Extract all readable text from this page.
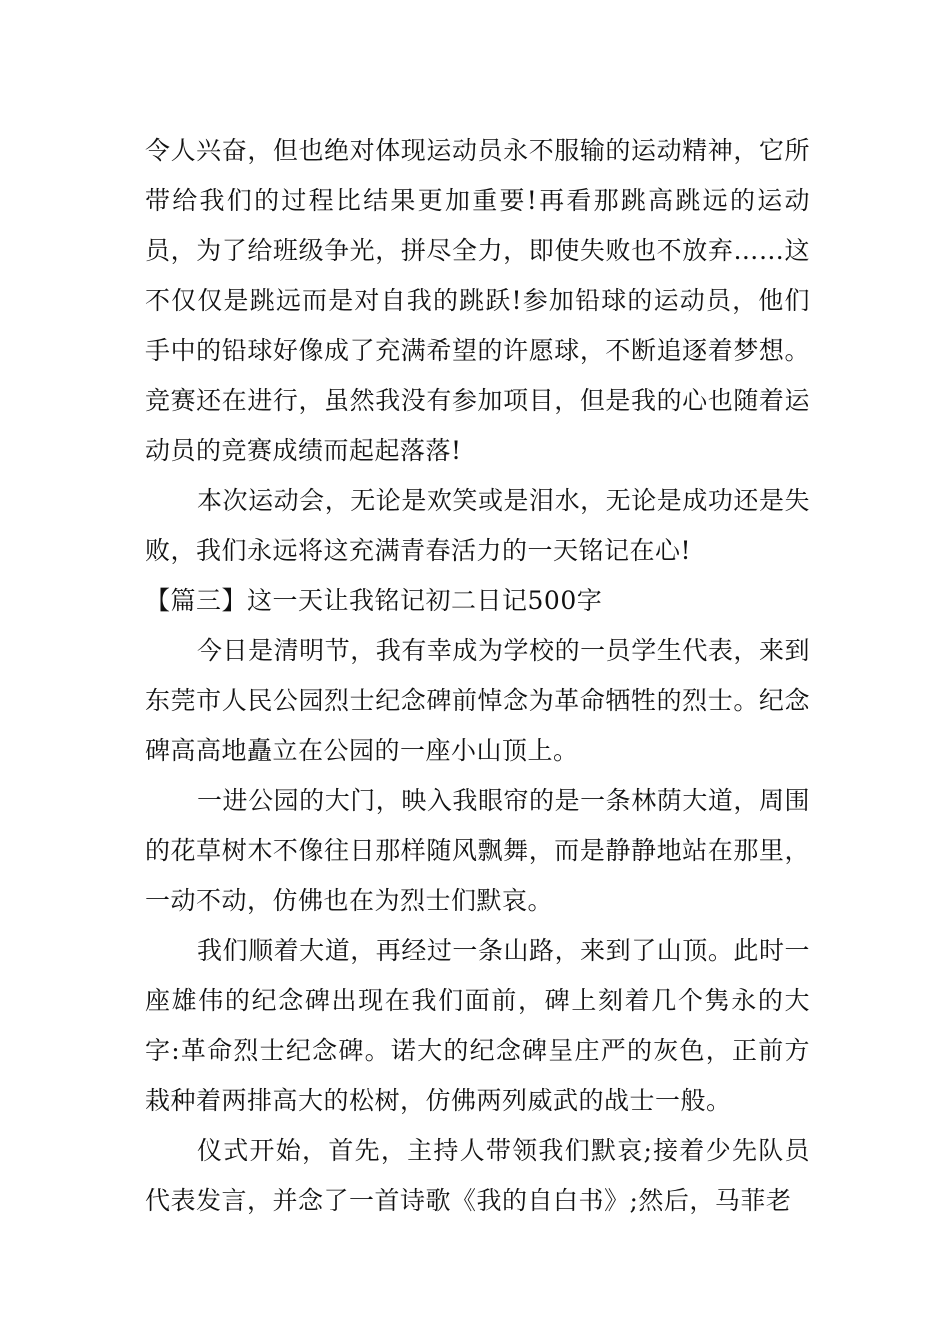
令人兴奋，但也绝对体现运动员永不服输的运动精神，它所带给我们的过程比结果更加重要!再看那跳高跳远的运动员，为了给班级争光，拼尽全力，即使失败也不放弃……这不仅仅是跳远而是对自我的跳跃!参加铅球的运动员，他们手中的铅球好像成了充满希望的许愿球，不断追逐着梦想。竞赛还在进行，虽然我没有参加项目，但是我的心也随着运动员的竞赛成绩而起起落落!

本次运动会，无论是欢笑或是泪水，无论是成功还是失败，我们永远将这充满青春活力的一天铭记在心!

【篇三】这一天让我铭记初二日记500字

今日是清明节，我有幸成为学校的一员学生代表，来到东莞市人民公园烈士纪念碑前悼念为革命牺牲的烈士。纪念碑高高地矗立在公园的一座小山顶上。

一进公园的大门，映入我眼帘的是一条林荫大道，周围的花草树木不像往日那样随风飘舞，而是静静地站在那里，一动不动，仿佛也在为烈士们默哀。

我们顺着大道，再经过一条山路，来到了山顶。此时一座雄伟的纪念碑出现在我们面前，碑上刻着几个隽永的大字:革命烈士纪念碑。诺大的纪念碑呈庄严的灰色，正前方栽种着两排高大的松树，仿佛两列威武的战士一般。

仪式开始，首先，主持人带领我们默哀;接着少先队员代表发言，并念了一首诗歌《我的自白书》;然后，马菲老
